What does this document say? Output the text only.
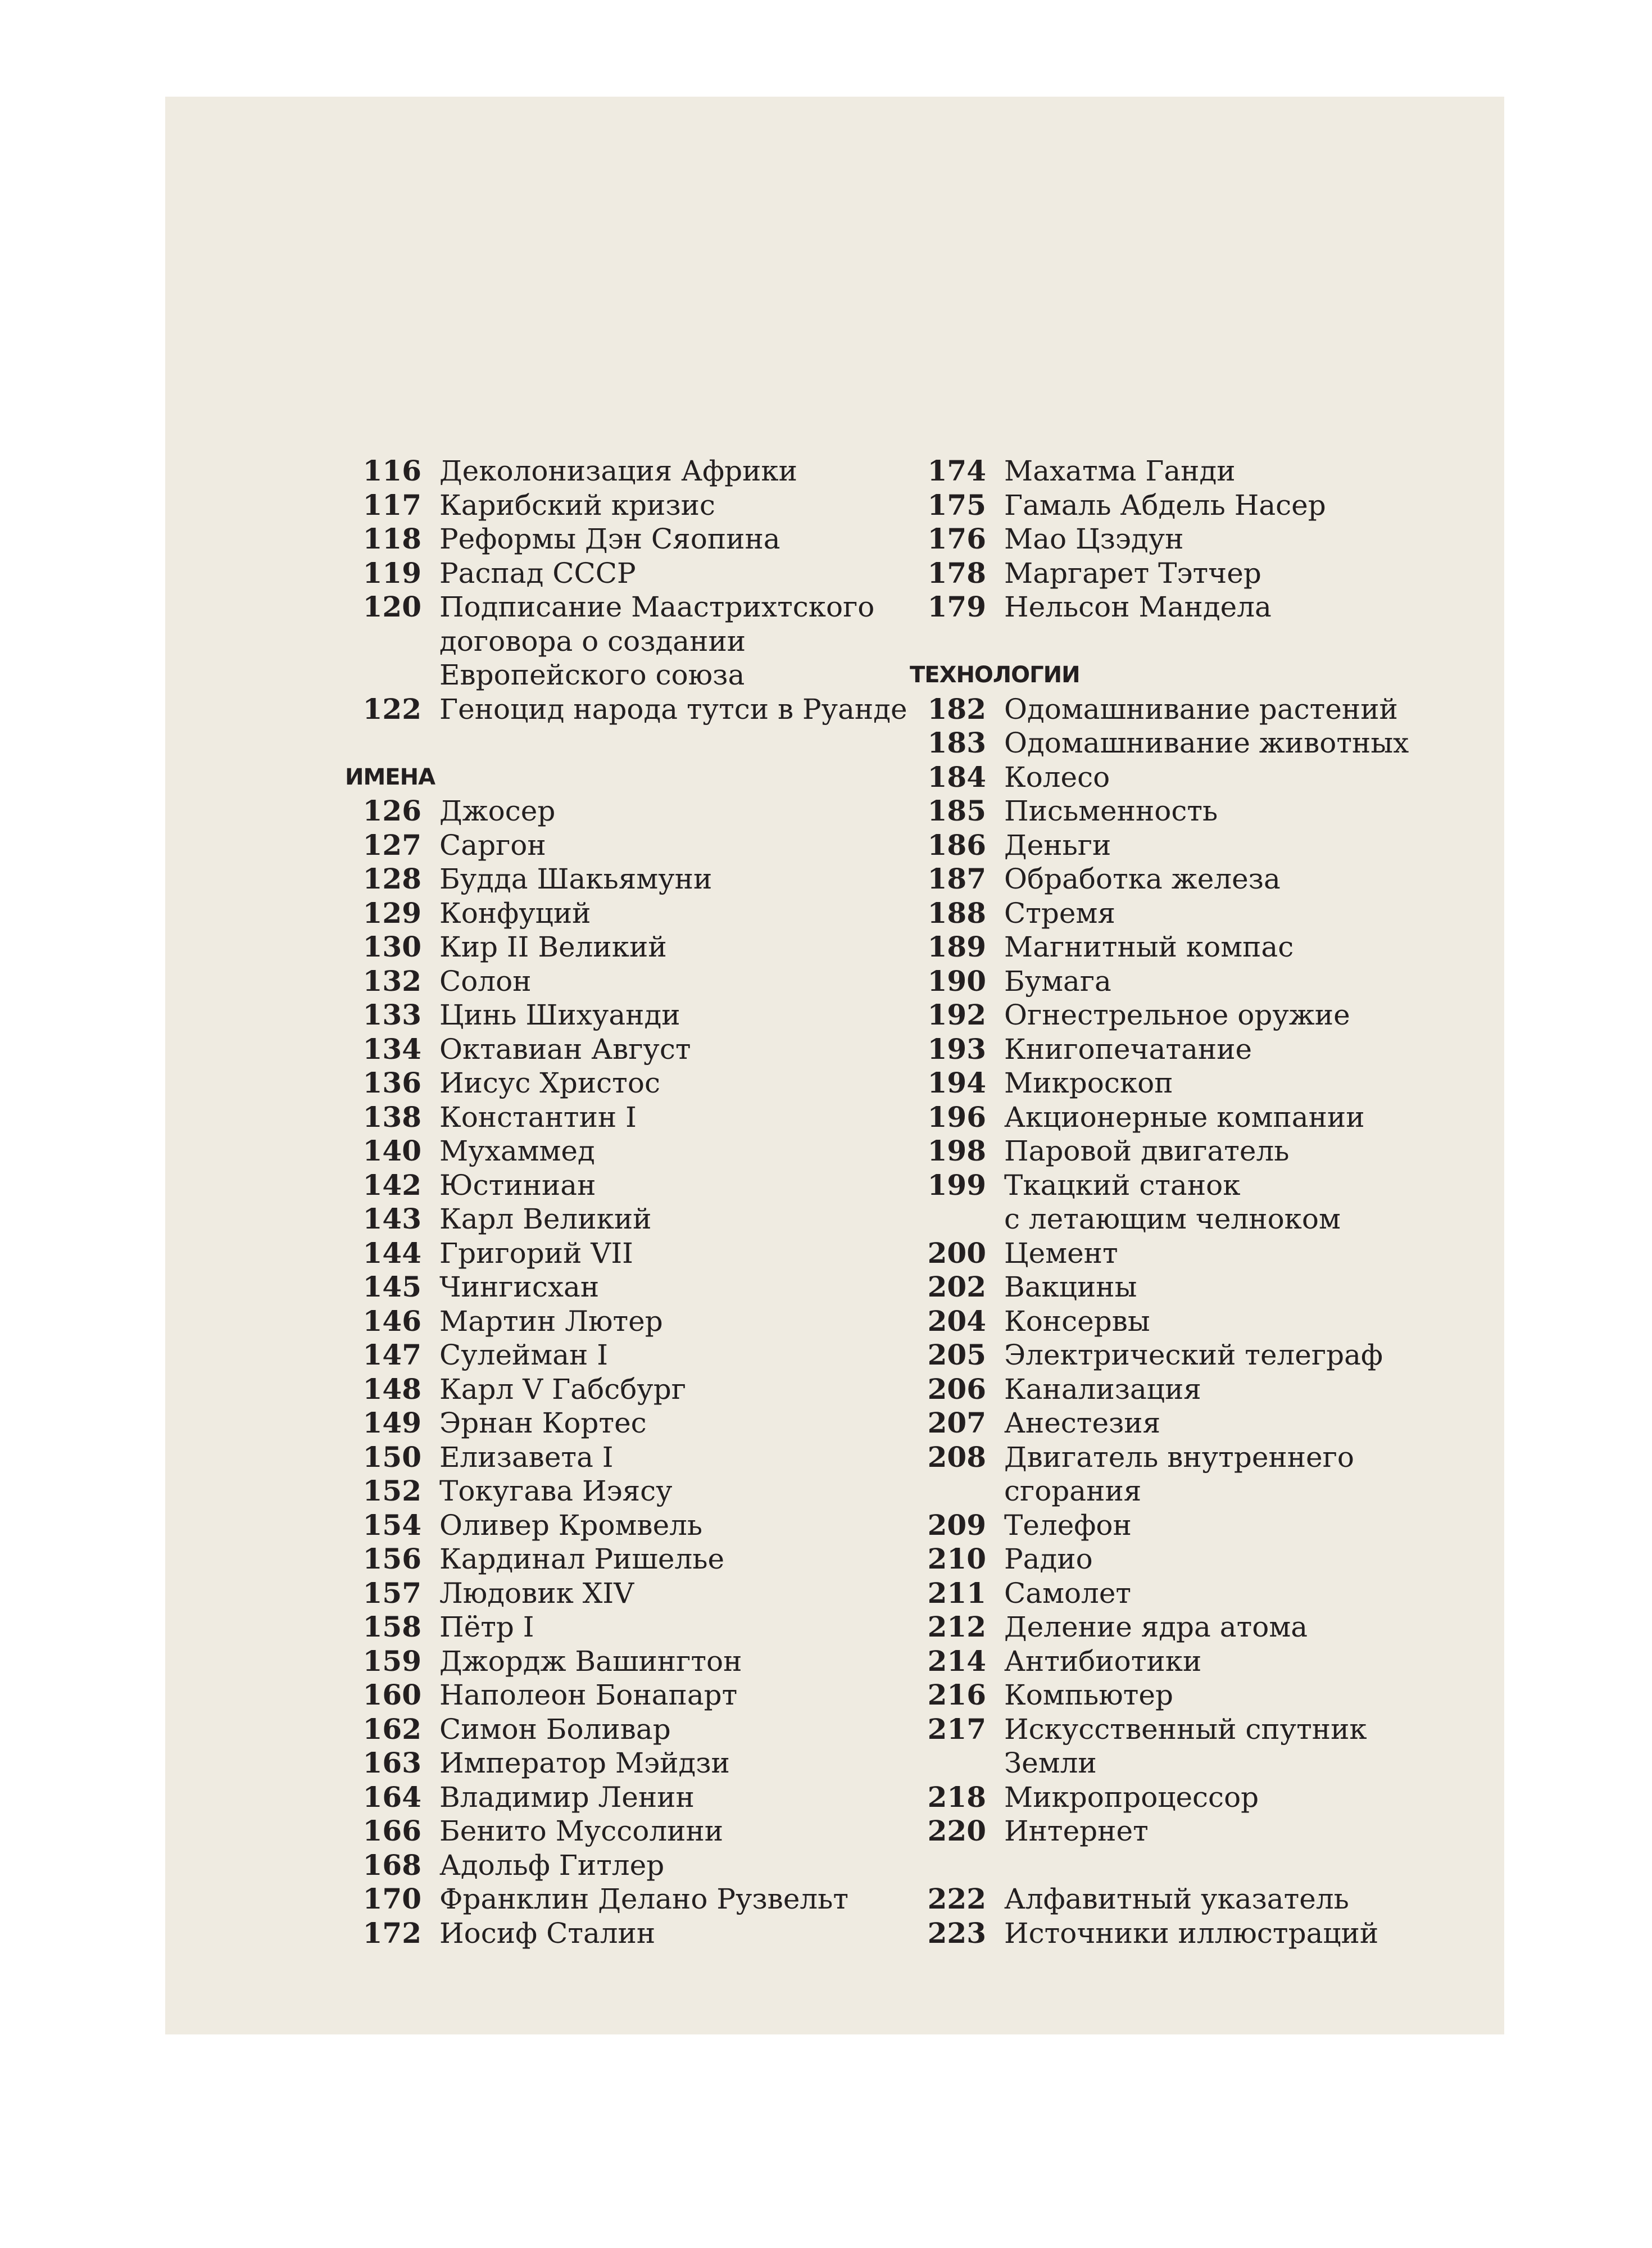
116 Деколонизация Африки
117 Карибский кризис
118 Реформы Дэн Сяопина
119 Распад СССР
120 Подписание Маастрихтского
договора о создании
Европейского союза
122 Геноцид народа тутси в Руанде
ИМЕНА
126 Джосер
127 Саргон
128 Будда Шакьямуни
129 Конфуций
130 Кир II Великий
132 Солон
133 Цинь Шихуанди
134 Октавиан Август
136 Иисус Христос
138 Константин I
140 Мухаммед
142 Юстиниан
143 Карл Великий
144 Григорий VII
145 Чингисхан
146 Мартин Лютер
147 Сулейман I
148 Карл V Габсбург
149 Эрнан Кортес
150 Елизавета I
152 Токугава Иэясу
154 Оливер Кромвель
156 Кардинал Ришелье
157 Людовик XIV
158 Пётр I
159 Джордж Вашингтон
160 Наполеон Бонапарт
162 Симон Боливар
163 Император Мэйдзи
164 Владимир Ленин
166 Бенито Муссолини
168 Адольф Гитлер
170 Франклин Делано Рузвельт
172 Иосиф Сталин
174 Махатма Ганди
175 Гамаль Абдель Насер
176 Мао Цзэдун
178 Маргарет Тэтчер
179 Нельсон Мандела
ТЕХНОЛОГИИ
182 Одомашнивание растений
183 Одомашнивание животных
184 Колесо
185 Письменность
186 Деньги
187 Обработка железа
188 Стремя
189 Магнитный компас
190 Бумага
192 Огнестрельное оружие
193 Книгопечатание
194 Микроскоп
196 Акционерные компании
198 Паровой двигатель
199 Ткацкий станок
с летающим челноком
200 Цемент
202 Вакцины
204 Консервы
205 Электрический телеграф
206 Канализация
207 Анестезия
208 Двигатель внутреннего
сгорания
209 Телефон
210 Радио
211 Самолет
212 Деление ядра атома
214 Антибиотики
216 Компьютер
217 Искусственный спутник
Земли
218 Микропроцессор
220 Интернет
222 Алфавитный указатель
223 Источники иллюстраций
